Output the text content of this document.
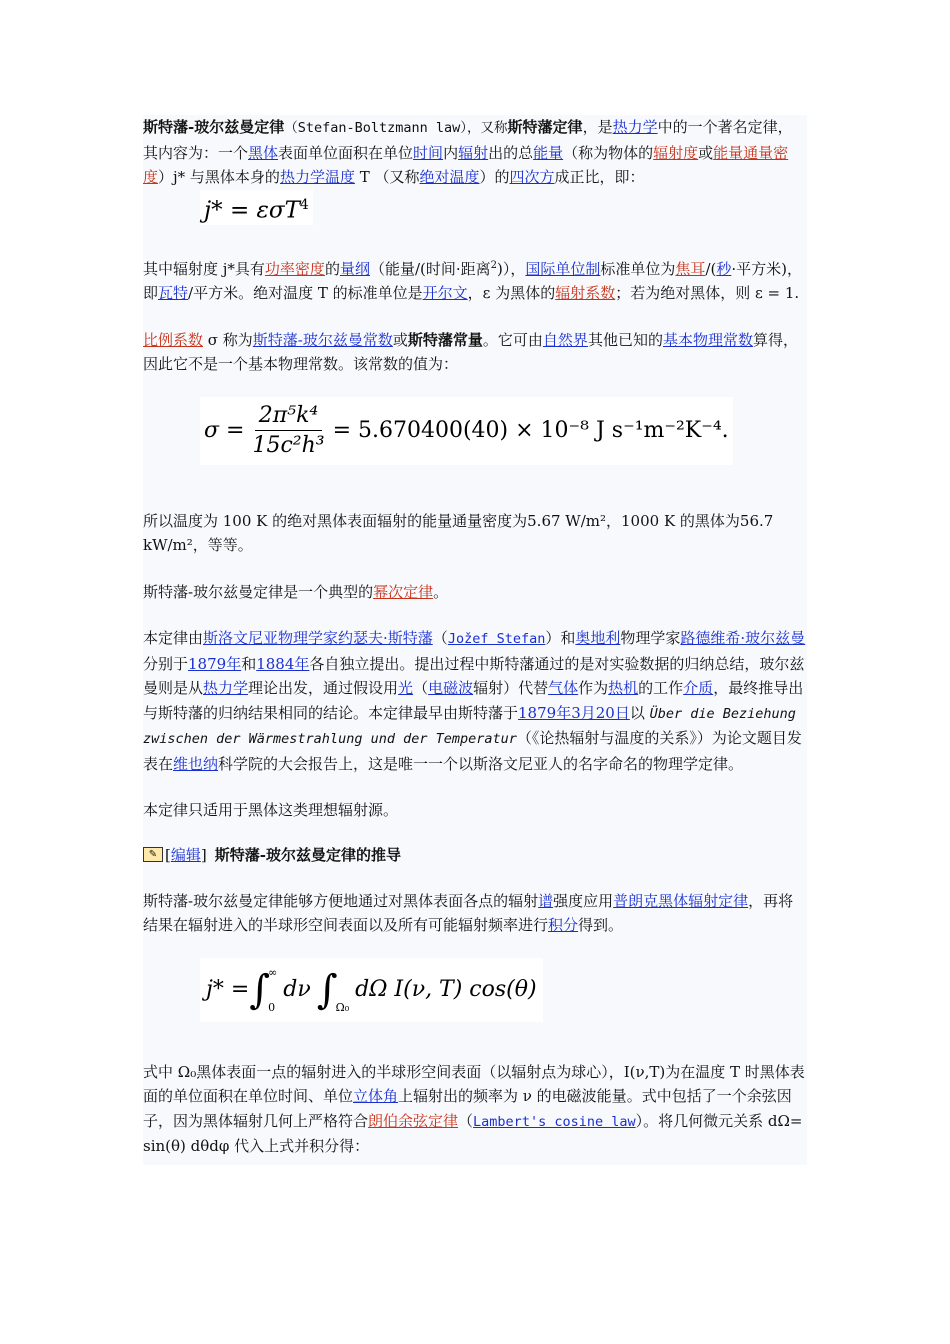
斯特藩-玻尔兹曼定律（Stefan-Boltzmann law），又称斯特藩定律，是热力学中的一个著名定律，其内容为：一个黑体表面单位面积在单位时间内辐射出的总能量（称为物体的辐射度或能量通量密度）j* 与黑体本身的热力学温度 T （又称绝对温度）的四次方成正比，即：

j* = εσT$^4$

其中辐射度 j*具有功率密度的量纲（能量/(时间·距离$^2$)），国际单位制标准单位为焦耳/(秒·平方米)，即瓦特/平方米。绝对温度 T 的标准单位是开尔文，ε 为黑体的辐射系数；若为绝对黑体，则 ε = 1.

比例系数 σ 称为斯特藩-玻尔兹曼常数或斯特藩常量。它可由自然界其他已知的基本物理常数算得，因此它不是一个基本物理常数。该常数的值为：

$\sigma = \frac{\text{2π⁵k⁴}}{\text{15c²h³}} = 5.670400(40) \times 10^{-8}$ J s⁻¹m⁻²K⁻⁴.

所以温度为 100 K 的绝对黑体表面辐射的能量通量密度为5.67 W/m²，1000 K 的黑体为56.7 kW/m²，等等。

斯特藩-玻尔兹曼定律是一个典型的幂次定律。

本定律由斯洛文尼亚物理学家约瑟夫·斯特藩（Jožef Stefan）和奥地利物理学家路德维希·玻尔兹曼分别于1879年和1884年各自独立提出。提出过程中斯特藩通过的是对实验数据的归纳总结，玻尔兹曼则是从热力学理论出发，通过假设用光（电磁波辐射）代替气体作为热机的工作介质，最终推导出与斯特藩的归纳结果相同的结论。本定律最早由斯特藩于1879年3月20日以 Über die Beziehung zwischen der Wärmestrahlung und der Temperatur（《论热辐射与温度的关系》）为论文题目发表在维也纳科学院的大会报告上，这是唯一一个以斯洛文尼亚人的名字命名的物理学定律。

本定律只适用于黑体这类理想辐射源。

✎ [ 编辑 ] 斯特藩-玻尔兹曼定律的推导

斯特藩-玻尔兹曼定律能够方便地通过对黑体表面各点的辐射谱强度应用普朗克黑体辐射定律，再将结果在辐射进入的半球形空间表面以及所有可能辐射频率进行积分得到。

j* = ∫
∞
0
dν ∫
Ω₀
dΩ I(ν, T) cos(θ)

式中 Ω₀黑体表面一点的辐射进入的半球形空间表面（以辐射点为球心），I(ν,T)为在温度 T 时黑体表面的单位面积在单位时间、单位立体角上辐射出的频率为 ν 的电磁波能量。式中包括了一个余弦因子，因为黑体辐射几何上严格符合朗伯余弦定律（Lambert's cosine law）。将几何微元关系 dΩ= sin(θ) dθdφ 代入上式并积分得：
